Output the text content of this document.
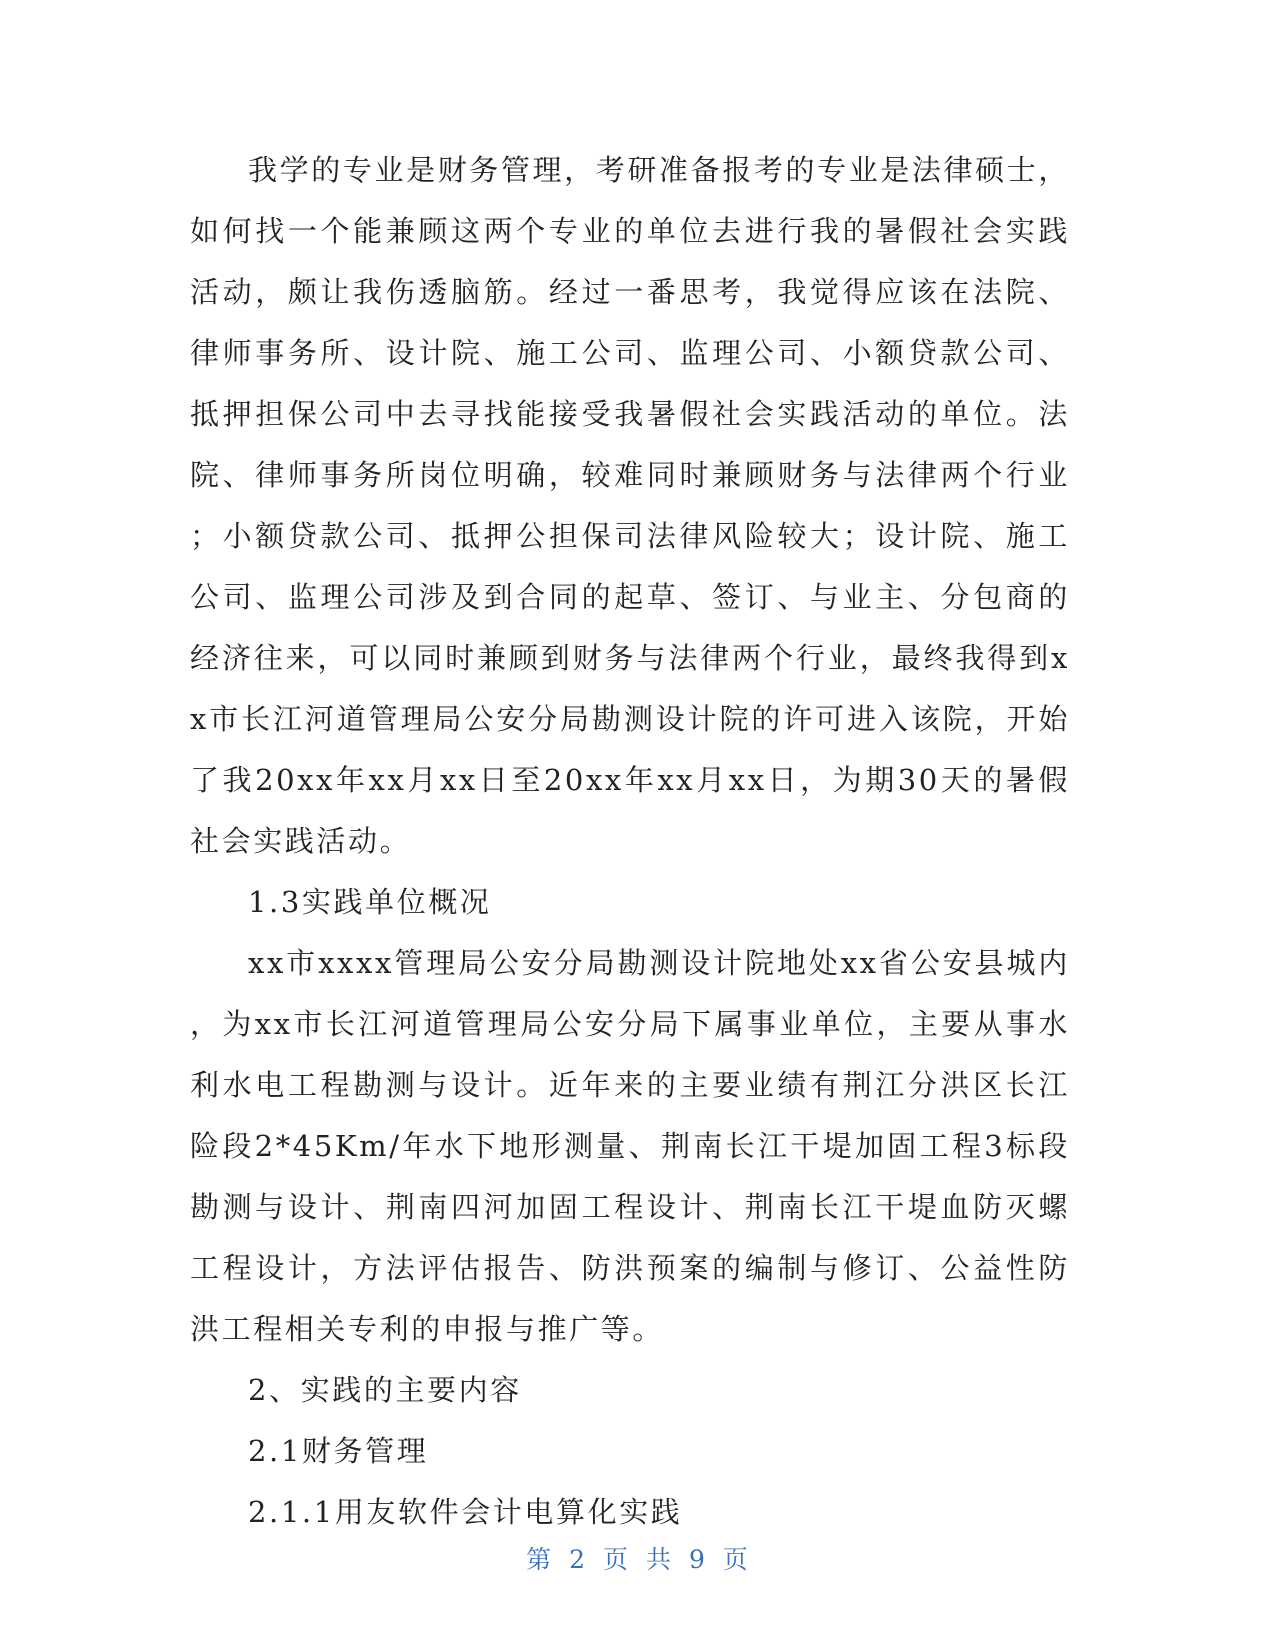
我学的专业是财务管理，考研准备报考的专业是法律硕士，如何找一个能兼顾这两个专业的单位去进行我的暑假社会实践活动，颇让我伤透脑筋。经过一番思考，我觉得应该在法院、律师事务所、设计院、施工公司、监理公司、小额贷款公司、抵押担保公司中去寻找能接受我暑假社会实践活动的单位。法院、律师事务所岗位明确，较难同时兼顾财务与法律两个行业；小额贷款公司、抵押公担保司法律风险较大；设计院、施工公司、监理公司涉及到合同的起草、签订、与业主、分包商的经济往来，可以同时兼顾到财务与法律两个行业，最终我得到xx市长江河道管理局公安分局勘测设计院的许可进入该院，开始了我20xx年xx月xx日至20xx年xx月xx日，为期30天的暑假社会实践活动。

1.3实践单位概况

xx市xxxx管理局公安分局勘测设计院地处xx省公安县城内，为xx市长江河道管理局公安分局下属事业单位，主要从事水利水电工程勘测与设计。近年来的主要业绩有荆江分洪区长江险段2*45Km/年水下地形测量、荆南长江干堤加固工程3标段勘测与设计、荆南四河加固工程设计、荆南长江干堤血防灭螺工程设计，方法评估报告、防洪预案的编制与修订、公益性防洪工程相关专利的申报与推广等。

2、实践的主要内容

2.1财务管理

2.1.1用友软件会计电算化实践

第 2 页 共 9 页
